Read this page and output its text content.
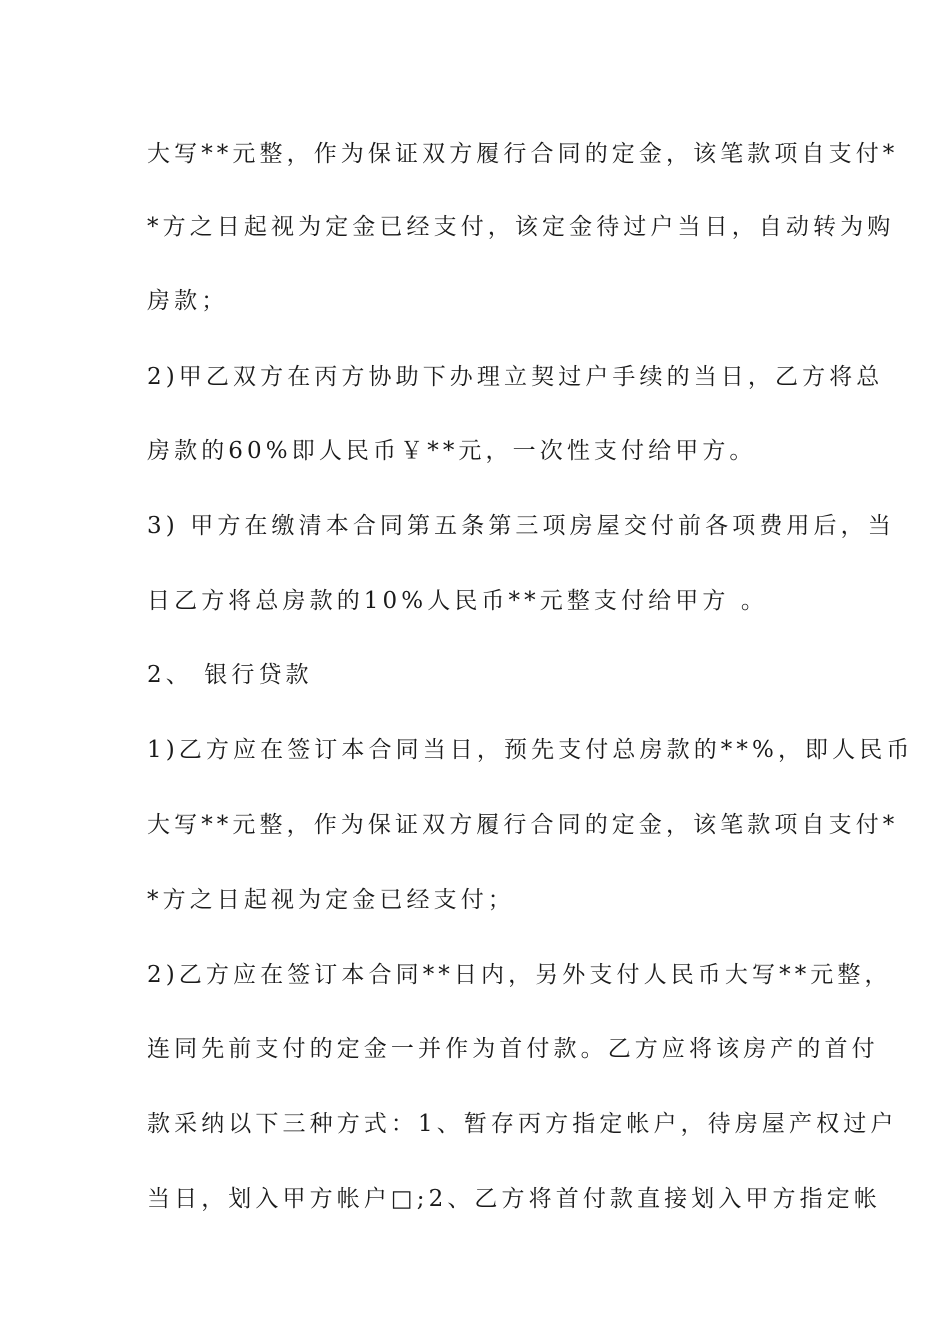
大写**元整，作为保证双方履行合同的定金，该笔款项自支付*
*方之日起视为定金已经支付，该定金待过户当日，自动转为购
房款；
2)甲乙双方在丙方协助下办理立契过户手续的当日，乙方将总
房款的60%即人民币￥**元，一次性支付给甲方。
3) 甲方在缴清本合同第五条第三项房屋交付前各项费用后，当
日乙方将总房款的10%人民币**元整支付给甲方 。
2、 银行贷款
1)乙方应在签订本合同当日，预先支付总房款的**%，即人民币
大写**元整，作为保证双方履行合同的定金，该笔款项自支付*
*方之日起视为定金已经支付；
2)乙方应在签订本合同**日内，另外支付人民币大写**元整，
连同先前支付的定金一并作为首付款。乙方应将该房产的首付
款采纳以下三种方式：1、暂存丙方指定帐户，待房屋产权过户
当日，划入甲方帐户□;2、乙方将首付款直接划入甲方指定帐
